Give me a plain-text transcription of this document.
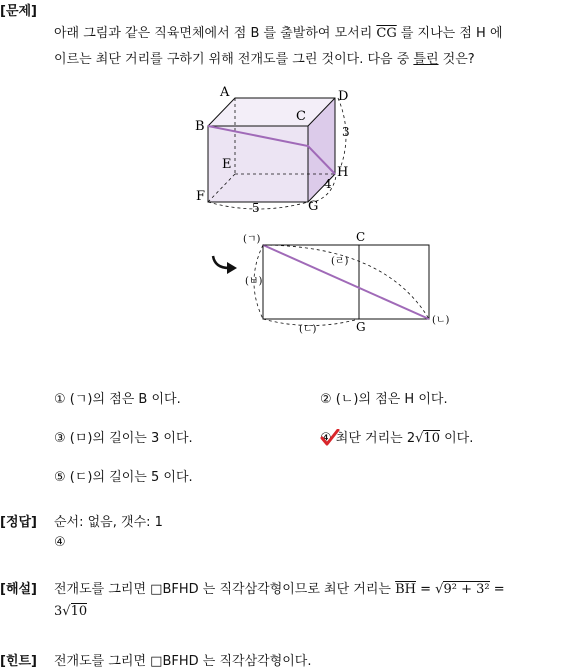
[문제]
아래 그림과 같은 직육면체에서 점 B 를 출발하여 모서리 $\overline{CG}$ 를 지나는 점 H 에
이르는 최단 거리를 구하기 위해 전개도를 그린 것이다. 다음 중 틀린 것은?
A
B
C
D
E
F
G
H
3
4
5
(ㄱ)	C
(ㄹ)
(ㅂ)
(ㄴ)
(ㄷ)	G
① (ㄱ)의 점은 B 이다.	② (ㄴ)의 점은 H 이다.
③ (ㅁ)의 길이는 3 이다.	④ 최단 거리는 2√10 이다.
⑤ (ㄷ)의 길이는 5 이다.
[정답] 순서: 없음, 갯수: 1
④
[해설] 전개도를 그리면 □BFHD 는 직각삼각형이므로 최단 거리는 $\overline{BH} = √9^2 + 3^2$ =
3√10
[힌트] 전개도를 그리면 □BFHD 는 직각삼각형이다.
